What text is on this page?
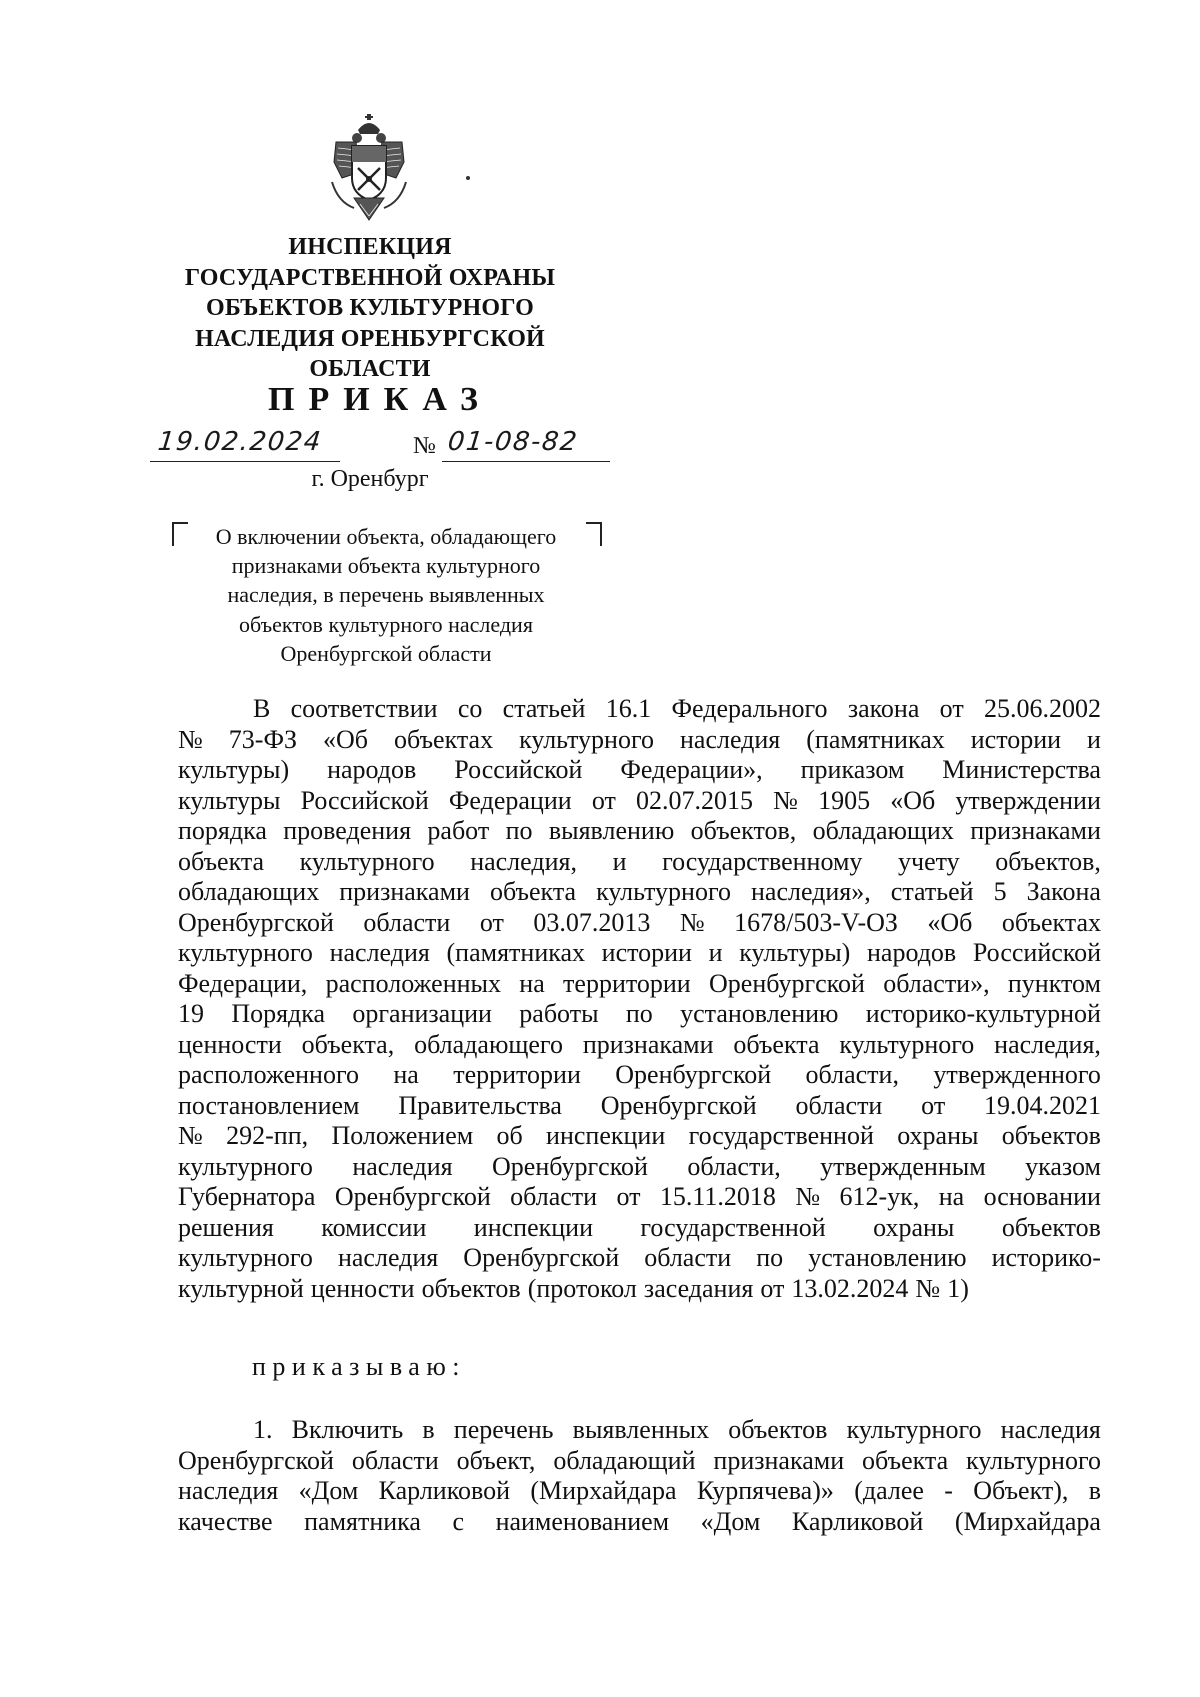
ИНСПЕКЦИЯ
ГОСУДАРСТВЕННОЙ ОХРАНЫ
ОБЪЕКТОВ КУЛЬТУРНОГО
НАСЛЕДИЯ ОРЕНБУРГСКОЙ
ОБЛАСТИ
ПРИКАЗ
19.02.2024	№ 01-08-82
г. Оренбург
О включении объекта, обладающего
признаками объекта культурного
наследия, в перечень выявленных
объектов культурного наследия
Оренбургской области
В соответствии со статьей 16.1 Федерального закона от 25.06.2002
№ 73-ФЗ «Об объектах культурного наследия (памятниках истории и
культуры) народов Российской Федерации», приказом Министерства
культуры Российской Федерации от 02.07.2015 № 1905 «Об утверждении
порядка проведения работ по выявлению объектов, обладающих признаками
объекта культурного наследия, и государственному учету объектов,
обладающих признаками объекта культурного наследия», статьей 5 Закона
Оренбургской области от 03.07.2013 № 1678/503-V-ОЗ «Об объектах
культурного наследия (памятниках истории и культуры) народов Российской
Федерации, расположенных на территории Оренбургской области», пунктом
19 Порядка организации работы по установлению историко-культурной
ценности объекта, обладающего признаками объекта культурного наследия,
расположенного на территории Оренбургской области, утвержденного
постановлением Правительства Оренбургской области от 19.04.2021
№ 292-пп, Положением об инспекции государственной охраны объектов
культурного наследия Оренбургской области, утвержденным указом
Губернатора Оренбургской области от 15.11.2018 № 612-ук, на основании
решения комиссии инспекции государственной охраны объектов
культурного наследия Оренбургской области по установлению историко-
культурной ценности объектов (протокол заседания от 13.02.2024 № 1)
приказываю:
1. Включить в перечень выявленных объектов культурного наследия
Оренбургской области объект, обладающий признаками объекта культурного
наследия «Дом Карликовой (Мирхайдара Курпячева)» (далее - Объект), в
качестве памятника с наименованием «Дом Карликовой (Мирхайдара
